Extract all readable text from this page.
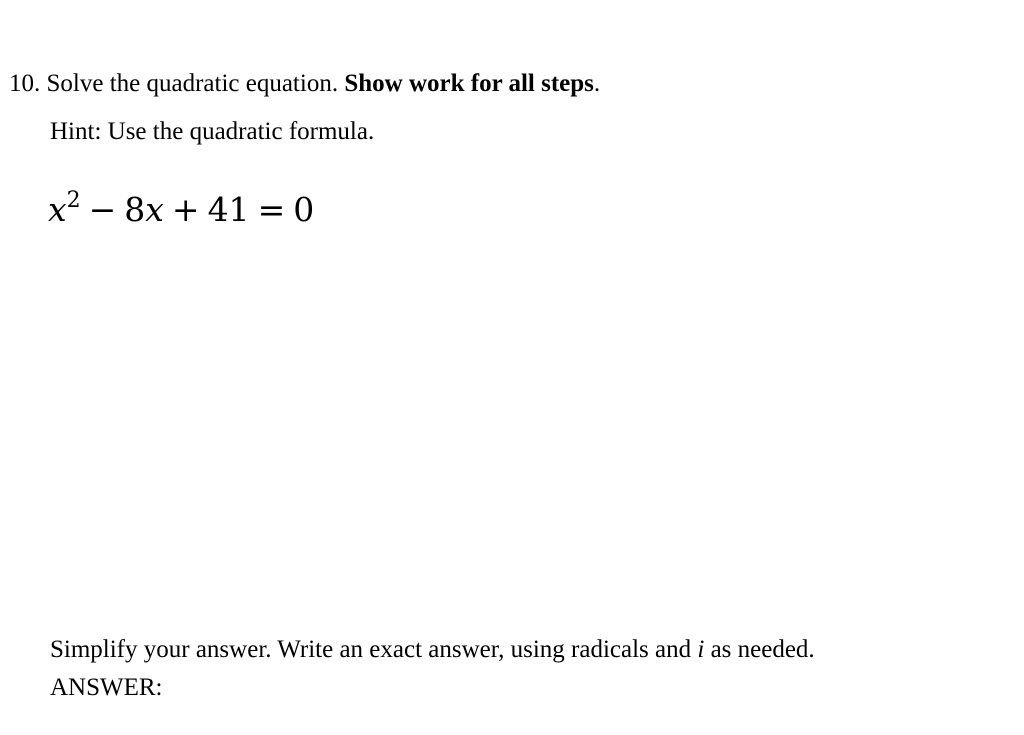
10. Solve the quadratic equation. Show work for all steps.
Hint: Use the quadratic formula.
$x^2 - 8x + 41 = 0$
Simplify your answer. Write an exact answer, using radicals and i as needed.
ANSWER:
